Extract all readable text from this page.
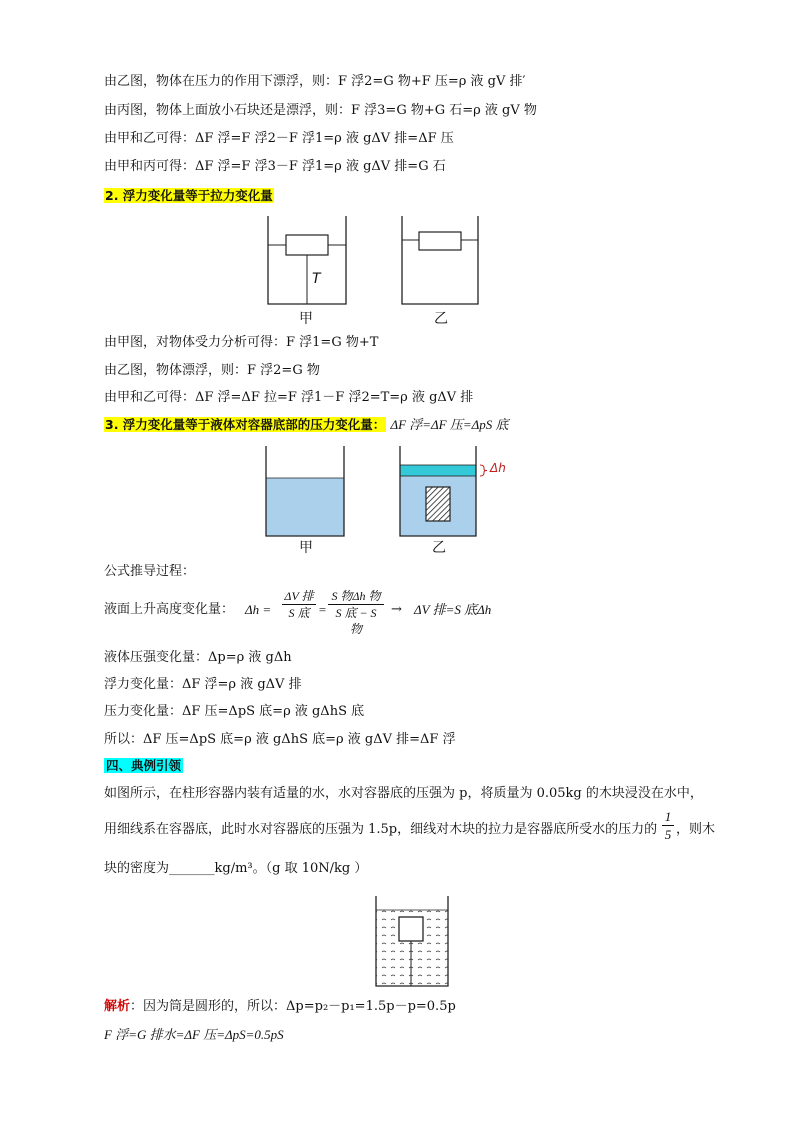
由乙图，物体在压力的作用下漂浮，则：F 浮2=G 物+F 压=ρ 液 gV 排′
由丙图，物体上面放小石块还是漂浮，则：F 浮3=G 物+G 石=ρ 液 gV 物
由甲和乙可得：ΔF 浮=F 浮2－F 浮1=ρ 液 gΔV 排=ΔF 压
由甲和丙可得：ΔF 浮=F 浮3－F 浮1=ρ 液 gΔV 排=G 石
2. 浮力变化量等于拉力变化量
T
甲	乙
由甲图，对物体受力分析可得：F 浮1=G 物+T
由乙图，物体漂浮，则：F 浮2=G 物
由甲和乙可得：ΔF 浮=ΔF 拉=F 浮1－F 浮2=T=ρ 液 gΔV 排
3. 浮力变化量等于液体对容器底部的压力变化量： ΔF 浮=ΔF 压=ΔpS 底
Δh
甲	乙
公式推导过程：
液面上升高度变化量： Δh =
ΔV 排
S 底 =
S 物Δh 物
S 底 − S 物
→ ΔV 排=S 底Δh
液体压强变化量：Δp=ρ 液 gΔh
浮力变化量：ΔF 浮=ρ 液 gΔV 排
压力变化量：ΔF 压=ΔpS 底=ρ 液 gΔhS 底
所以：ΔF 压=ΔpS 底=ρ 液 gΔhS 底=ρ 液 gΔV 排=ΔF 浮
四、典例引领
如图所示，在柱形容器内装有适量的水，水对容器底的压强为 p，将质量为 0.05kg 的木块浸没在水中，
用细线系在容器底，此时水对容器底的压强为 1.5p，细线对木块的拉力是容器底所受水的压力的 $\frac{1}{5}$ ，则木
块的密度为_______kg/m³。（g 取 10N/kg ）
解析：因为筒是圆形的，所以：Δp=p₂－p₁=1.5p－p=0.5p
F 浮=G 排水=ΔF 压=ΔpS=0.5pS
